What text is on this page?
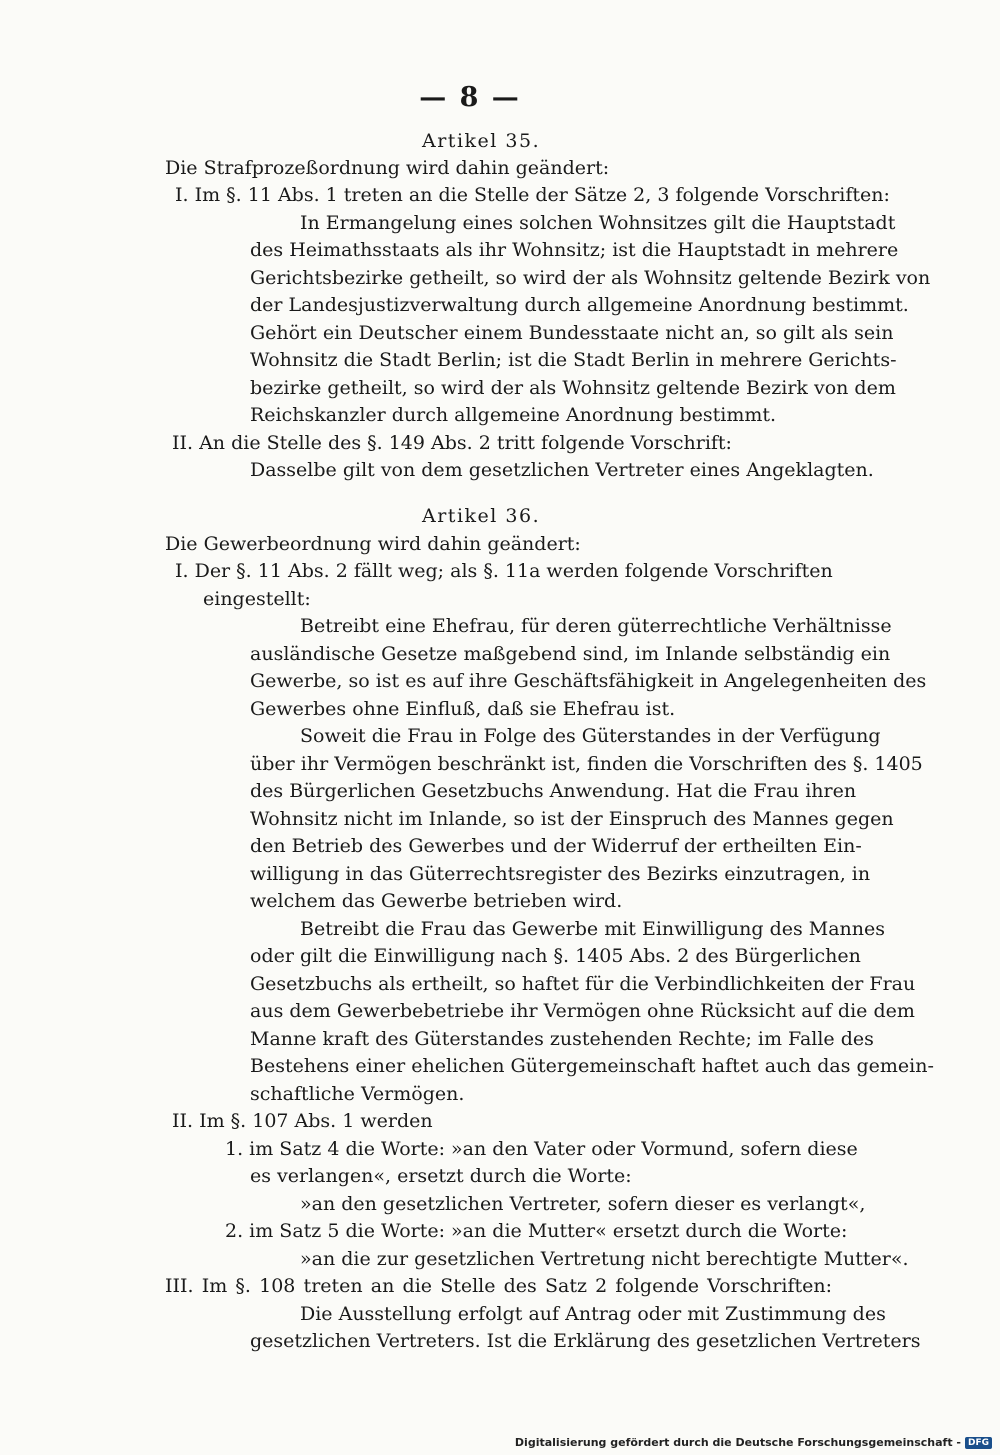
— 8 —
Artikel 35.
Die Strafprozeßordnung wird dahin geändert:
I. Im §. 11 Abs. 1 treten an die Stelle der Sätze 2, 3 folgende Vorschriften:
In Ermangelung eines solchen Wohnsitzes gilt die Hauptstadt
des Heimathsstaats als ihr Wohnsitz; ist die Hauptstadt in mehrere
Gerichtsbezirke getheilt, so wird der als Wohnsitz geltende Bezirk von
der Landesjustizverwaltung durch allgemeine Anordnung bestimmt.
Gehört ein Deutscher einem Bundesstaate nicht an, so gilt als sein
Wohnsitz die Stadt Berlin; ist die Stadt Berlin in mehrere Gerichts-
bezirke getheilt, so wird der als Wohnsitz geltende Bezirk von dem
Reichskanzler durch allgemeine Anordnung bestimmt.
II. An die Stelle des §. 149 Abs. 2 tritt folgende Vorschrift:
Dasselbe gilt von dem gesetzlichen Vertreter eines Angeklagten.
Artikel 36.
Die Gewerbeordnung wird dahin geändert:
I. Der §. 11 Abs. 2 fällt weg; als §. 11a werden folgende Vorschriften
eingestellt:
Betreibt eine Ehefrau, für deren güterrechtliche Verhältnisse
ausländische Gesetze maßgebend sind, im Inlande selbständig ein
Gewerbe, so ist es auf ihre Geschäftsfähigkeit in Angelegenheiten des
Gewerbes ohne Einfluß, daß sie Ehefrau ist.
Soweit die Frau in Folge des Güterstandes in der Verfügung
über ihr Vermögen beschränkt ist, finden die Vorschriften des §. 1405
des Bürgerlichen Gesetzbuchs Anwendung. Hat die Frau ihren
Wohnsitz nicht im Inlande, so ist der Einspruch des Mannes gegen
den Betrieb des Gewerbes und der Widerruf der ertheilten Ein-
willigung in das Güterrechtsregister des Bezirks einzutragen, in
welchem das Gewerbe betrieben wird.
Betreibt die Frau das Gewerbe mit Einwilligung des Mannes
oder gilt die Einwilligung nach §. 1405 Abs. 2 des Bürgerlichen
Gesetzbuchs als ertheilt, so haftet für die Verbindlichkeiten der Frau
aus dem Gewerbebetriebe ihr Vermögen ohne Rücksicht auf die dem
Manne kraft des Güterstandes zustehenden Rechte; im Falle des
Bestehens einer ehelichen Gütergemeinschaft haftet auch das gemein-
schaftliche Vermögen.
II. Im §. 107 Abs. 1 werden
1. im Satz 4 die Worte: »an den Vater oder Vormund, sofern diese
es verlangen«, ersetzt durch die Worte:
»an den gesetzlichen Vertreter, sofern dieser es verlangt«,
2. im Satz 5 die Worte: »an die Mutter« ersetzt durch die Worte:
»an die zur gesetzlichen Vertretung nicht berechtigte Mutter«.
III. Im §. 108 treten an die Stelle des Satz 2 folgende Vorschriften:
Die Ausstellung erfolgt auf Antrag oder mit Zustimmung des
gesetzlichen Vertreters. Ist die Erklärung des gesetzlichen Vertreters
Digitalisierung gefördert durch die Deutsche Forschungsgemeinschaft - DFG
